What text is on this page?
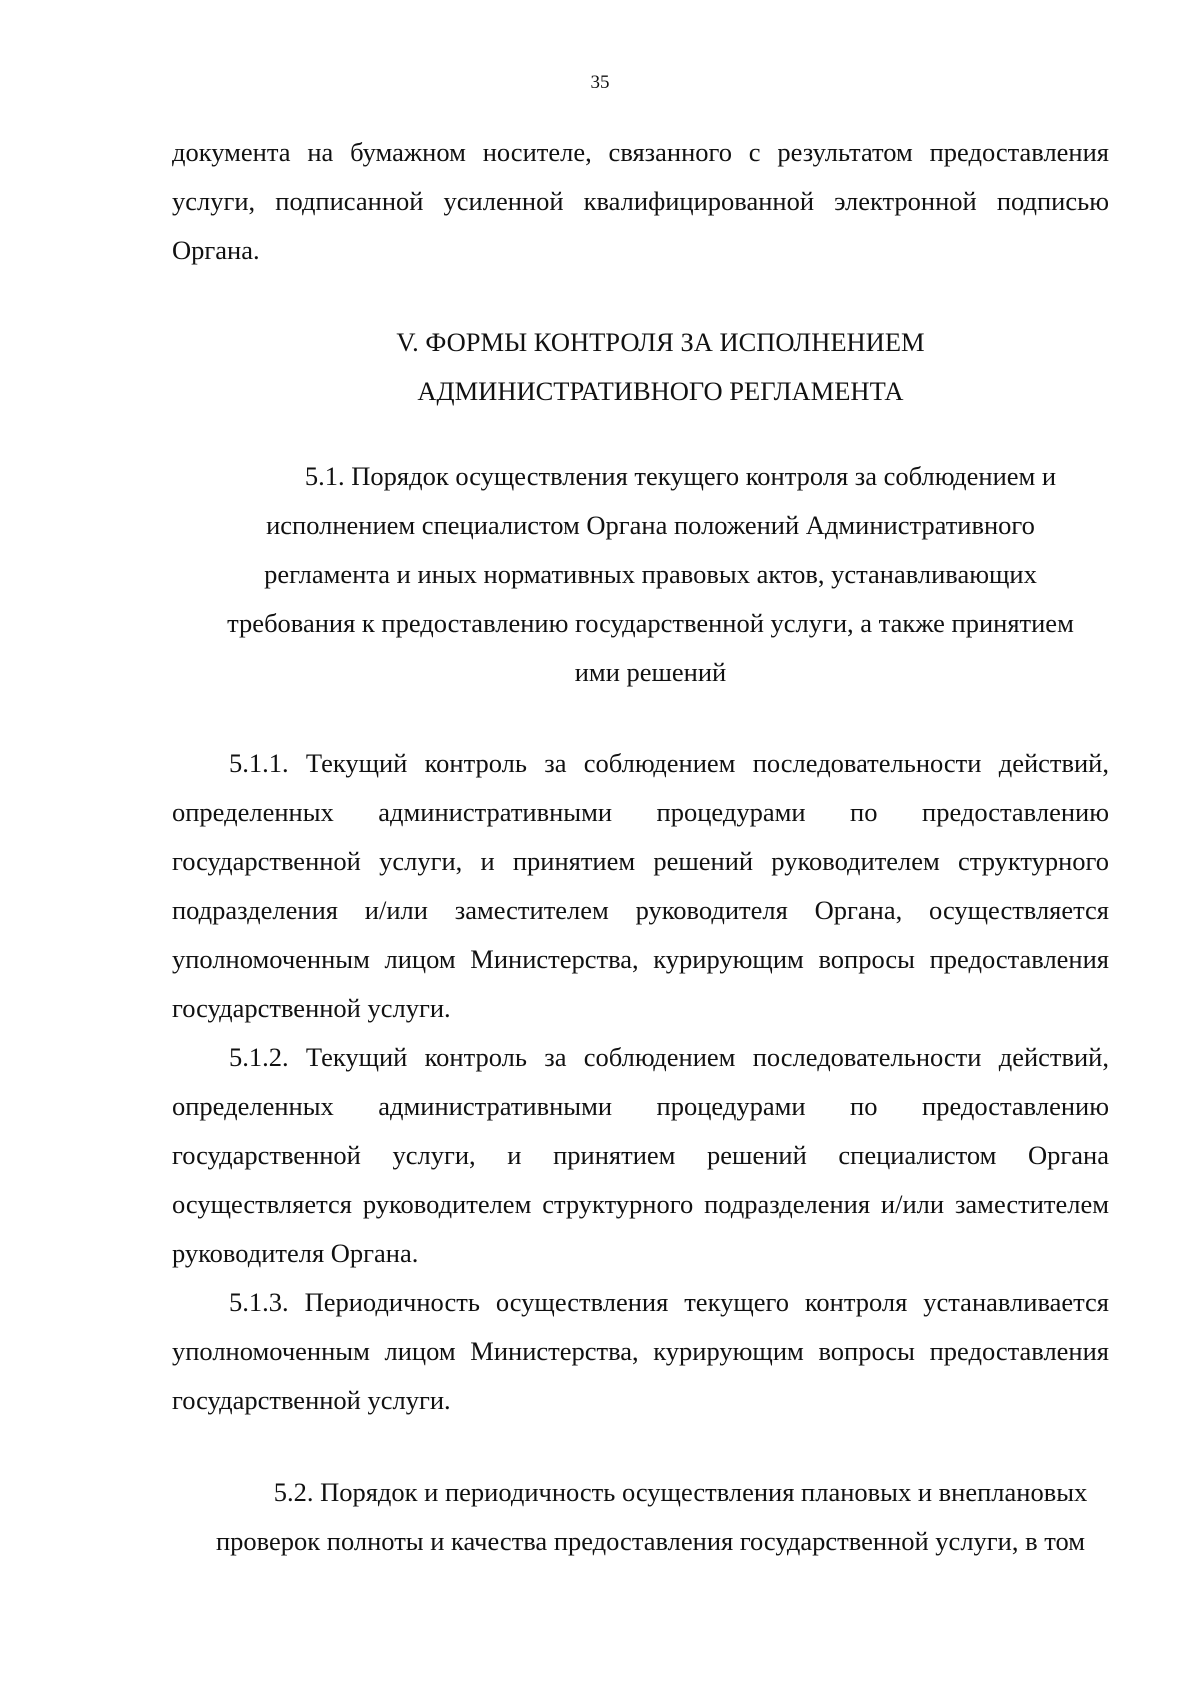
35

документа на бумажном носителе, связанного с результатом предоставления услуги, подписанной усиленной квалифицированной электронной подписью Органа.

V. ФОРМЫ КОНТРОЛЯ ЗА ИСПОЛНЕНИЕМ

АДМИНИСТРАТИВНОГО РЕГЛАМЕНТА

5.1. Порядок осуществления текущего контроля за соблюдением и

исполнением специалистом Органа положений Административного

регламента и иных нормативных правовых актов, устанавливающих

требования к предоставлению государственной услуги, а также принятием

ими решений

5.1.1. Текущий контроль за соблюдением последовательности действий, определенных административными процедурами по предоставлению государственной услуги, и принятием решений руководителем структурного подразделения и/или заместителем руководителя Органа, осуществляется уполномоченным лицом Министерства, курирующим вопросы предоставления государственной услуги.

5.1.2. Текущий контроль за соблюдением последовательности действий, определенных административными процедурами по предоставлению государственной услуги, и принятием решений специалистом Органа осуществляется руководителем структурного подразделения и/или заместителем руководителя Органа.

5.1.3. Периодичность осуществления текущего контроля устанавливается уполномоченным лицом Министерства, курирующим вопросы предоставления государственной услуги.

5.2. Порядок и периодичность осуществления плановых и внеплановых

проверок полноты и качества предоставления государственной услуги, в том
